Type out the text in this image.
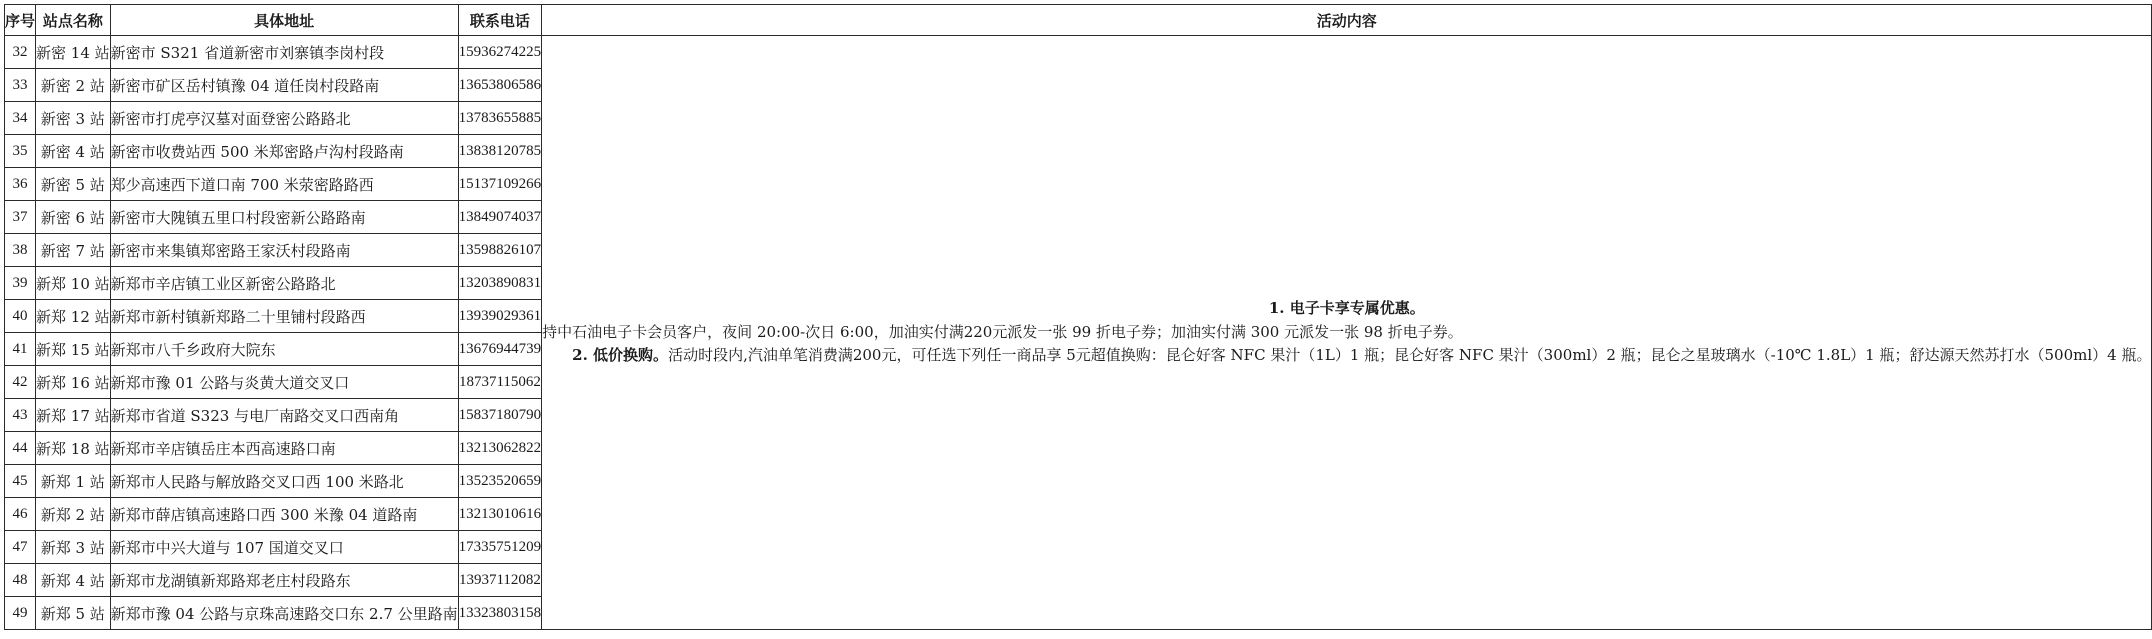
序号	站点名称	具体地址	联系电话	活动内容
32	新密 14 站	新密市 S321 省道新密市刘寨镇李岗村段	15936274225	1. 电子卡享专属优惠。

持中石油电子卡会员客户，夜间 20:00-次日 6:00，加油实付满220元派发一张 99 折电子券；加油实付满 300 元派发一张 98 折电子券。

2. 低价换购。活动时段内,汽油单笔消费满200元，可任选下列任一商品享 5元超值换购：昆仑好客 NFC 果汁（1L）1 瓶；昆仑好客 NFC 果汁（300ml）2 瓶；昆仑之星玻璃水（-10℃ 1.8L）1 瓶；舒达源天然苏打水（500ml）4 瓶。

33	新密 2 站	新密市矿区岳村镇豫 04 道任岗村段路南	13653806586	
34	新密 3 站	新密市打虎亭汉墓对面登密公路路北	13783655885	
35	新密 4 站	新密市收费站西 500 米郑密路卢沟村段路南	13838120785	
36	新密 5 站	郑少高速西下道口南 700 米荥密路路西	15137109266	
37	新密 6 站	新密市大隗镇五里口村段密新公路路南	13849074037	
38	新密 7 站	新密市来集镇郑密路王家沃村段路南	13598826107	
39	新郑 10 站	新郑市辛店镇工业区新密公路路北	13203890831	
40	新郑 12 站	新郑市新村镇新郑路二十里铺村段路西	13939029361	
41	新郑 15 站	新郑市八千乡政府大院东	13676944739	
42	新郑 16 站	新郑市豫 01 公路与炎黄大道交叉口	18737115062	
43	新郑 17 站	新郑市省道 S323 与电厂南路交叉口西南角	15837180790	
44	新郑 18 站	新郑市辛店镇岳庄本西高速路口南	13213062822	
45	新郑 1 站	新郑市人民路与解放路交叉口西 100 米路北	13523520659	
46	新郑 2 站	新郑市薛店镇高速路口西 300 米豫 04 道路南	13213010616	
47	新郑 3 站	新郑市中兴大道与 107 国道交叉口	17335751209	
48	新郑 4 站	新郑市龙湖镇新郑路郑老庄村段路东	13937112082	
49	新郑 5 站	新郑市豫 04 公路与京珠高速路交口东 2.7 公里路南	13323803158	
